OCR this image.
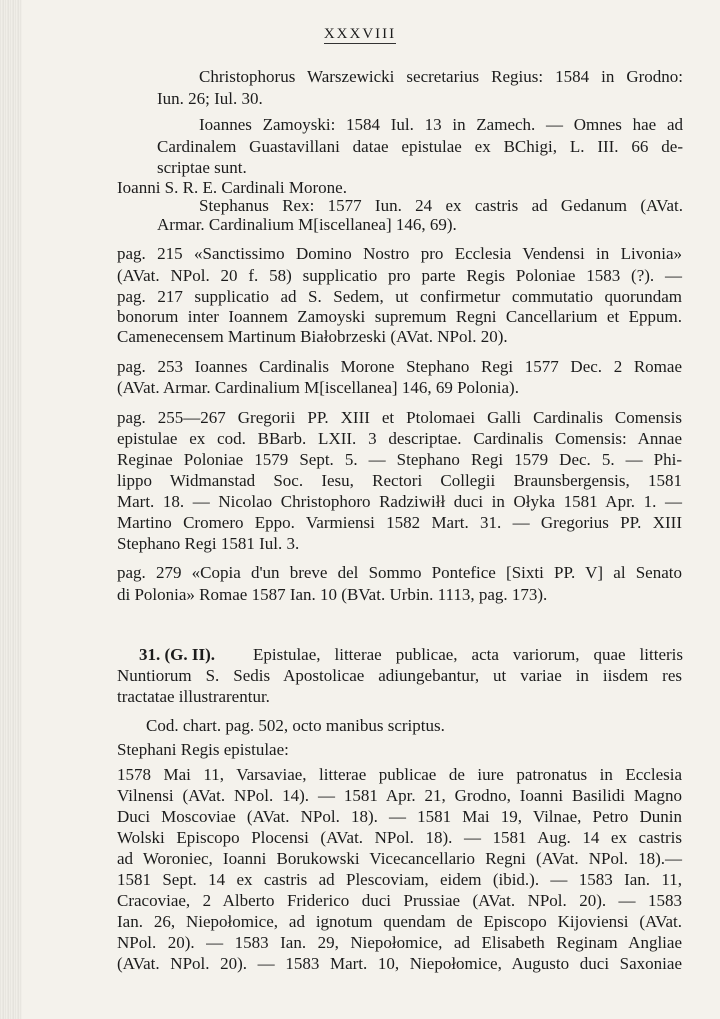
XXXVIII
Christophorus Warszewicki secretarius Regius: 1584 in Grodno:
Iun. 26; Iul. 30.
Ioannes Zamoyski: 1584 Iul. 13 in Zamech. — Omnes hae ad
Cardinalem Guastavillani datae epistulae ex BChigi, L. III. 66 de-
scriptae sunt.
Ioanni S. R. E. Cardinali Morone.
Stephanus Rex: 1577 Iun. 24 ex castris ad Gedanum (AVat.
Armar. Cardinalium M[iscellanea] 146, 69).
pag. 215 «Sanctissimo Domino Nostro pro Ecclesia Vendensi in Livonia»
(AVat. NPol. 20 f. 58) supplicatio pro parte Regis Poloniae 1583 (?). —
pag. 217 supplicatio ad S. Sedem, ut confirmetur commutatio quorundam
bonorum inter Ioannem Zamoyski supremum Regni Cancellarium et Eppum.
Camenecensem Martinum Białobrzeski (AVat. NPol. 20).
pag. 253 Ioannes Cardinalis Morone Stephano Regi 1577 Dec. 2 Romae
(AVat. Armar. Cardinalium M[iscellanea] 146, 69 Polonia).
pag. 255—267 Gregorii PP. XIII et Ptolomaei Galli Cardinalis Comensis
epistulae ex cod. BBarb. LXII. 3 descriptae. Cardinalis Comensis: Annae
Reginae Poloniae 1579 Sept. 5. — Stephano Regi 1579 Dec. 5. — Phi-
lippo Widmanstad Soc. Iesu, Rectori Collegii Braunsbergensis, 1581
Mart. 18. — Nicolao Christophoro Radziwiłł duci in Ołyka 1581 Apr. 1. —
Martino Cromero Eppo. Varmiensi 1582 Mart. 31. — Gregorius PP. XIII
Stephano Regi 1581 Iul. 3.
pag. 279 «Copia d'un breve del Sommo Pontefice [Sixti PP. V] al Senato
di Polonia» Romae 1587 Ian. 10 (BVat. Urbin. 1113, pag. 173).
31. (G. II). Epistulae, litterae publicae, acta variorum, quae litteris
Nuntiorum S. Sedis Apostolicae adiungebantur, ut variae in iisdem res
tractatae illustrarentur.
Cod. chart. pag. 502, octo manibus scriptus.
Stephani Regis epistulae:
1578 Mai 11, Varsaviae, litterae publicae de iure patronatus in Ecclesia
Vilnensi (AVat. NPol. 14). — 1581 Apr. 21, Grodno, Ioanni Basilidi Magno
Duci Moscoviae (AVat. NPol. 18). — 1581 Mai 19, Vilnae, Petro Dunin
Wolski Episcopo Plocensi (AVat. NPol. 18). — 1581 Aug. 14 ex castris
ad Woroniec, Ioanni Borukowski Vicecancellario Regni (AVat. NPol. 18).—
1581 Sept. 14 ex castris ad Plescoviam, eidem (ibid.). — 1583 Ian. 11,
Cracoviae, 2 Alberto Friderico duci Prussiae (AVat. NPol. 20). — 1583
Ian. 26, Niepołomice, ad ignotum quendam de Episcopo Kijoviensi (AVat.
NPol. 20). — 1583 Ian. 29, Niepołomice, ad Elisabeth Reginam Angliae
(AVat. NPol. 20). — 1583 Mart. 10, Niepołomice, Augusto duci Saxoniae
